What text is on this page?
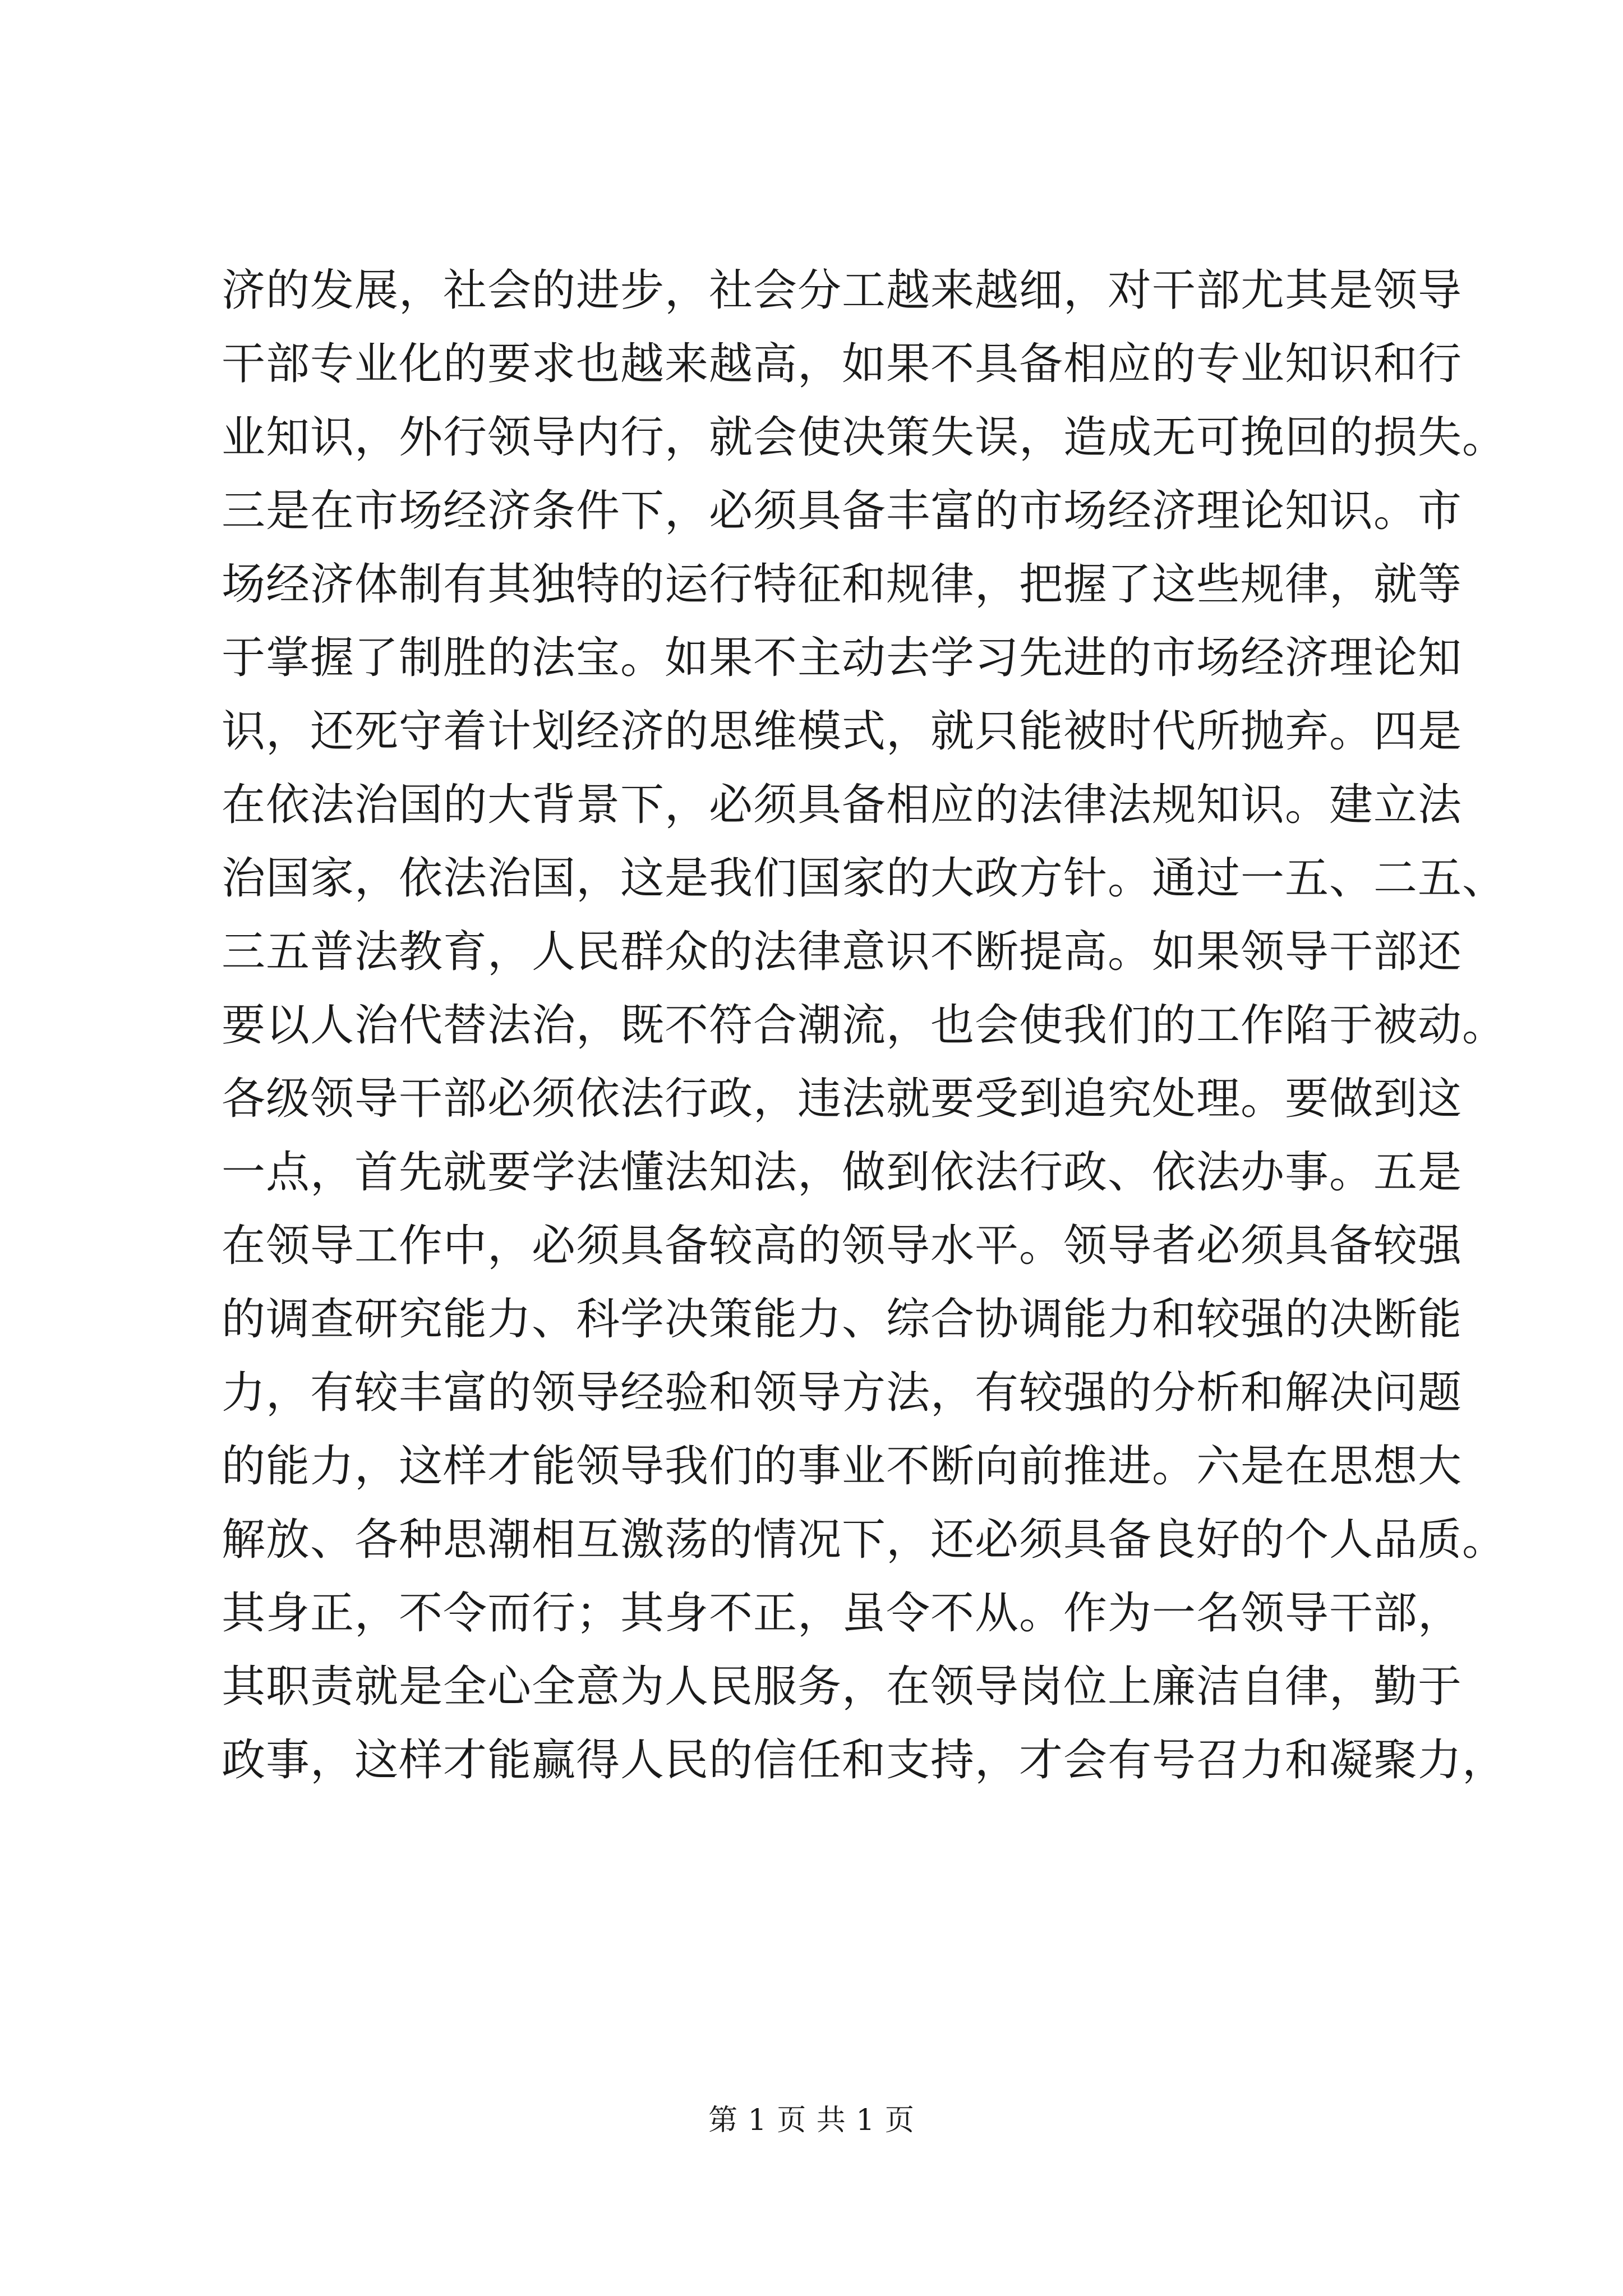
济的发展，社会的进步，社会分工越来越细，对干部尤其是领导
干部专业化的要求也越来越高，如果不具备相应的专业知识和行
业知识，外行领导内行，就会使决策失误，造成无可挽回的损失。
三是在市场经济条件下，必须具备丰富的市场经济理论知识。市
场经济体制有其独特的运行特征和规律，把握了这些规律，就等
于掌握了制胜的法宝。如果不主动去学习先进的市场经济理论知
识，还死守着计划经济的思维模式，就只能被时代所抛弃。四是
在依法治国的大背景下，必须具备相应的法律法规知识。建立法
治国家，依法治国，这是我们国家的大政方针。通过一五、二五、
三五普法教育，人民群众的法律意识不断提高。如果领导干部还
要以人治代替法治，既不符合潮流，也会使我们的工作陷于被动。
各级领导干部必须依法行政，违法就要受到追究处理。要做到这
一点，首先就要学法懂法知法，做到依法行政、依法办事。五是
在领导工作中，必须具备较高的领导水平。领导者必须具备较强
的调查研究能力、科学决策能力、综合协调能力和较强的决断能
力，有较丰富的领导经验和领导方法，有较强的分析和解决问题
的能力，这样才能领导我们的事业不断向前推进。六是在思想大
解放、各种思潮相互激荡的情况下，还必须具备良好的个人品质。
其身正，不令而行；其身不正，虽令不从。作为一名领导干部，
其职责就是全心全意为人民服务，在领导岗位上廉洁自律，勤于
政事，这样才能赢得人民的信任和支持，才会有号召力和凝聚力，
第 1 页 共 1 页
